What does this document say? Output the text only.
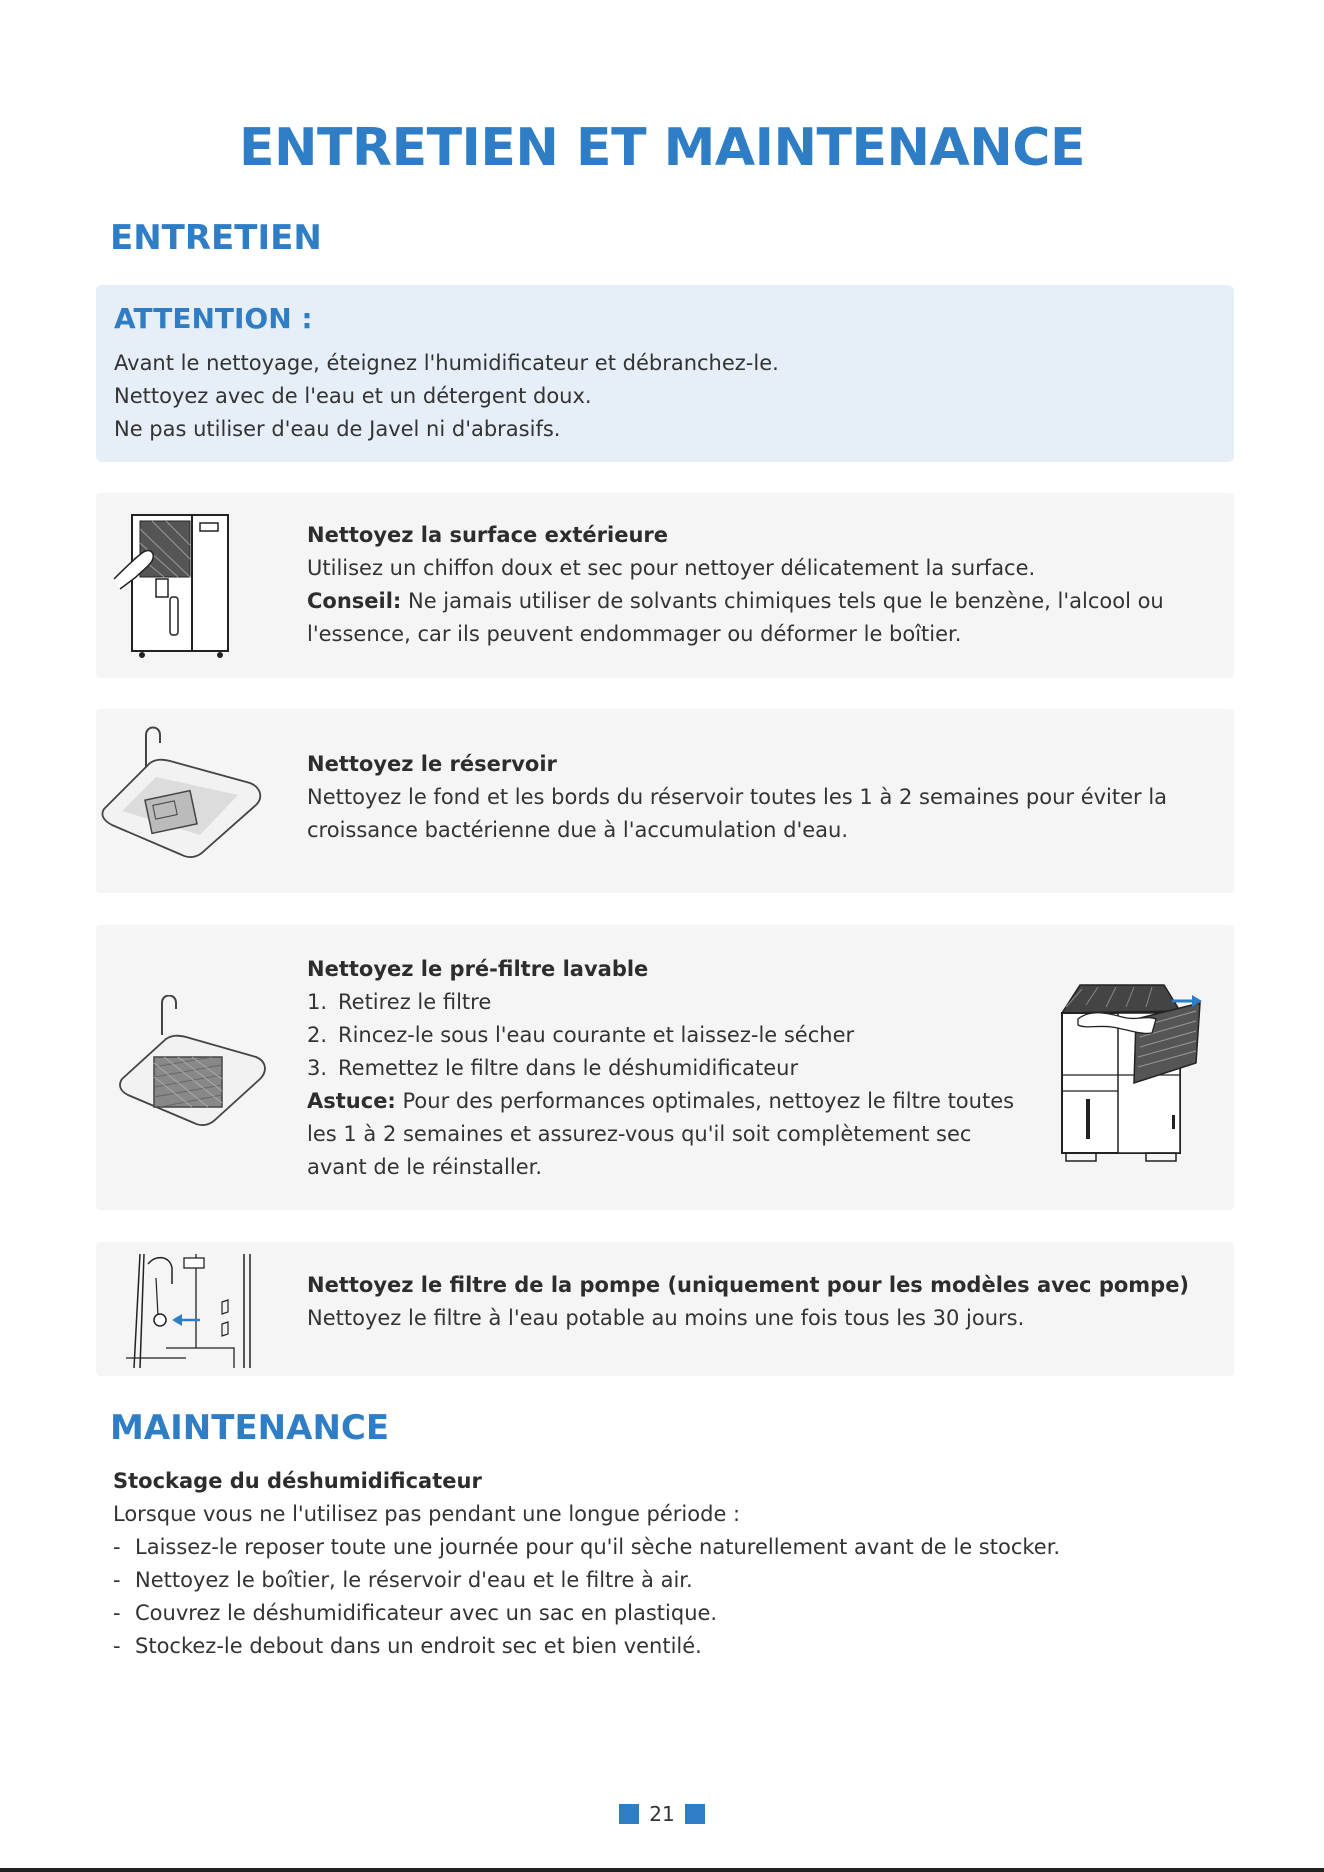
ENTRETIEN ET MAINTENANCE
ENTRETIEN

ATTENTION :

Avant le nettoyage, éteignez l'humidificateur et débranchez-le.

Nettoyez avec de l'eau et un détergent doux.

Ne pas utiliser d'eau de Javel ni d'abrasifs.

Nettoyez la surface extérieure

Utilisez un chiffon doux et sec pour nettoyer délicatement la surface.

Conseil: Ne jamais utiliser de solvants chimiques tels que le benzène, l'alcool ou

l'essence, car ils peuvent endommager ou déformer le boîtier.

Nettoyez le réservoir

Nettoyez le fond et les bords du réservoir toutes les 1 à 2 semaines pour éviter la

croissance bactérienne due à l'accumulation d'eau.

Nettoyez le pré-filtre lavable

1. Retirez le filtre

2. Rincez-le sous l'eau courante et laissez-le sécher

3. Remettez le filtre dans le déshumidificateur

Astuce: Pour des performances optimales, nettoyez le filtre toutes

les 1 à 2 semaines et assurez-vous qu'il soit complètement sec

avant de le réinstaller.

Nettoyez le filtre de la pompe (uniquement pour les modèles avec pompe)

Nettoyez le filtre à l'eau potable au moins une fois tous les 30 jours.

MAINTENANCE

Stockage du déshumidificateur

Lorsque vous ne l'utilisez pas pendant une longue période :

- Laissez-le reposer toute une journée pour qu'il sèche naturellement avant de le stocker.

- Nettoyez le boîtier, le réservoir d'eau et le filtre à air.

- Couvrez le déshumidificateur avec un sac en plastique.

- Stockez-le debout dans un endroit sec et bien ventilé.

21
